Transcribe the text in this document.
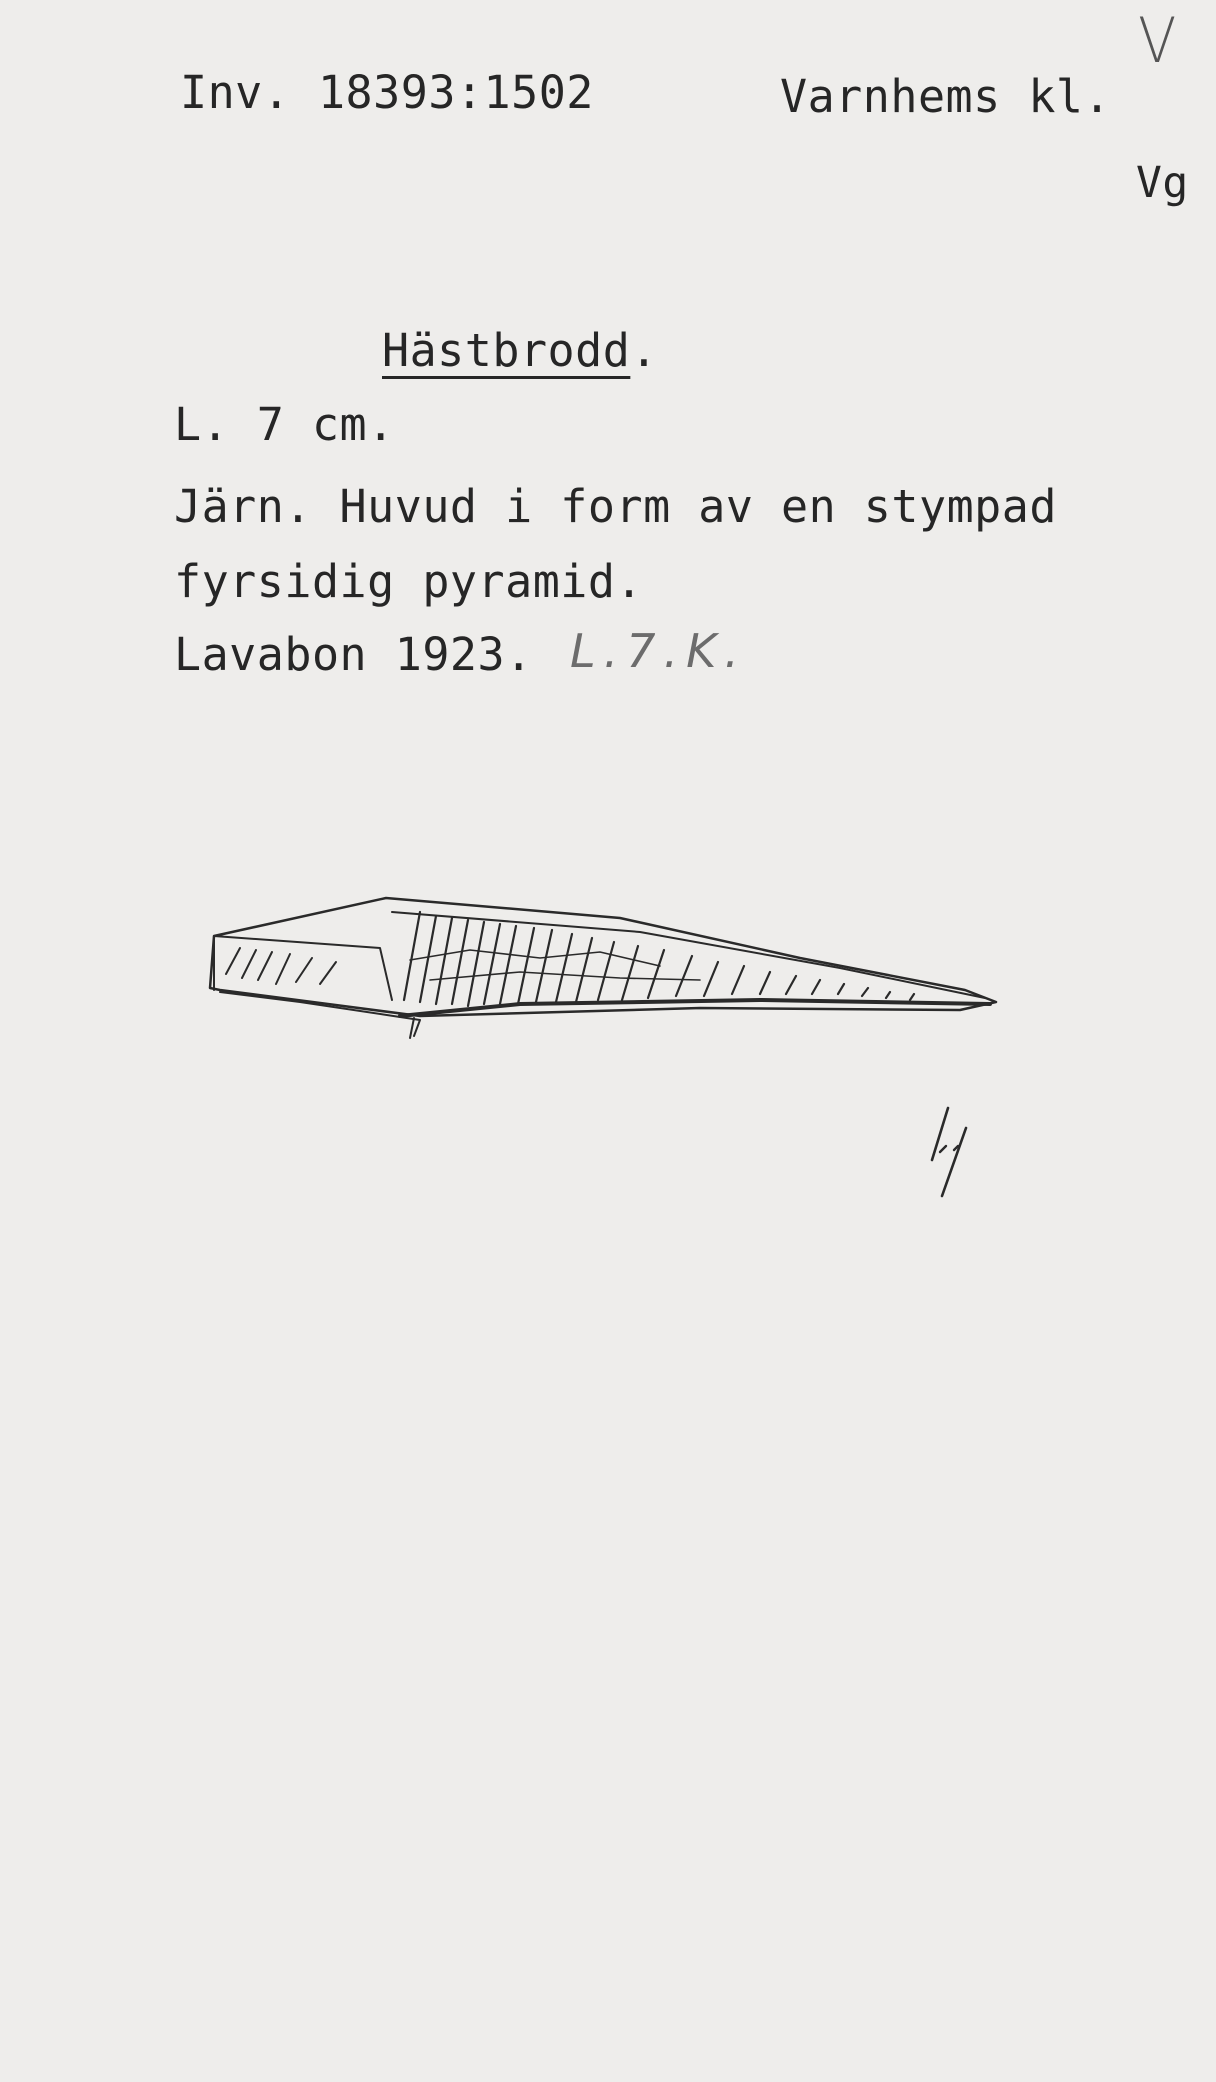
Inv. 18393:1502	Varnhems kl.
V
Vg
Hästbrodd.
L. 7 cm.
Järn. Huvud i form av en stympad
fyrsidig pyramid.
Lavabon 1923. L.7.K.
